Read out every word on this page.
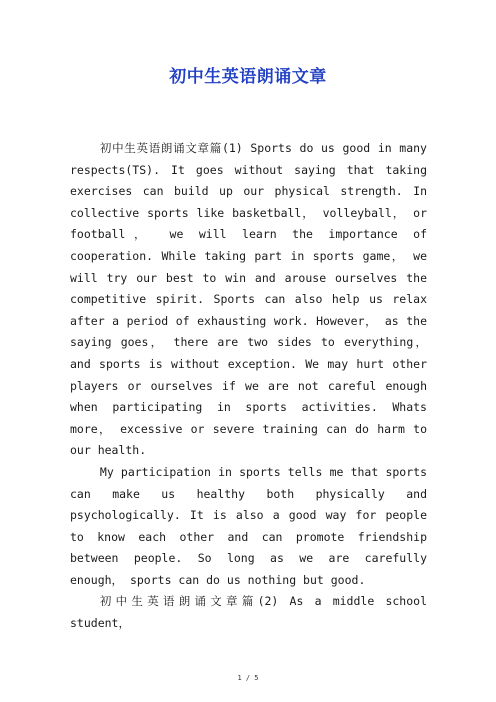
初中生英语朗诵文章

初中生英语朗诵文章篇(1) Sports do us good in many respects(TS). It goes without saying that taking exercises can build up our physical strength. In collective sports like basketball， volleyball， or football， we will learn the importance of cooperation. While taking part in sports game， we will try our best to win and arouse ourselves the competitive spirit. Sports can also help us relax after a period of exhausting work. However， as the saying goes， there are two sides to everything， and sports is without exception. We may hurt other players or ourselves if we are not careful enough when participating in sports activities. Whats more， excessive or severe training can do harm to our health.

My participation in sports tells me that sports can make us healthy both physically and psychologically. It is also a good way for people to know each other and can promote friendship between people. So long as we are carefully enough， sports can do us nothing but good.

初中生英语朗诵文章篇(2) As a middle school student，

1 / 5
